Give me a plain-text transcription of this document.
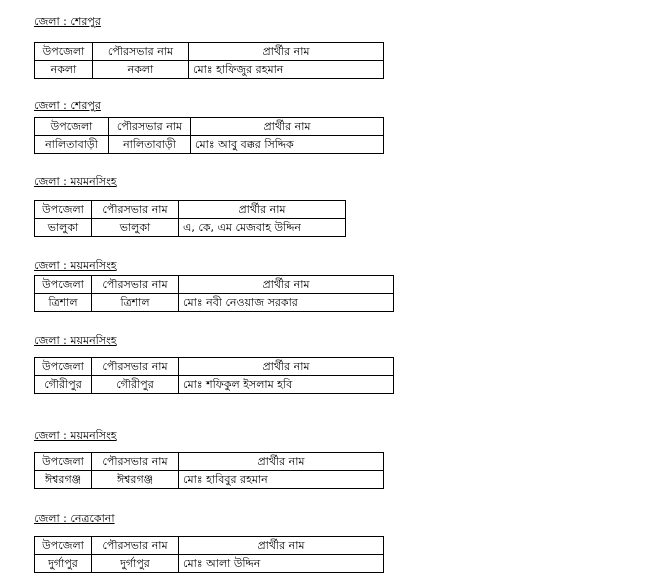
জেলা : শেরপুর
উপজেলা	পৌরসভার নাম	প্রার্থীর নাম
নকলা	নকলা	মোঃ হাফিজুর রহমান
জেলা : শেরপুর
উপজেলা	পৌরসভার নাম	প্রার্থীর নাম
নালিতাবাড়ী	নালিতাবাড়ী	মোঃ আবু বক্কর সিদ্দিক
জেলা : ময়মনসিংহ
উপজেলা	পৌরসভার নাম	প্রার্থীর নাম
ভালুকা	ভালুকা	এ, কে, এম মেজবাহ উদ্দিন
জেলা : ময়মনসিংহ
উপজেলা	পৌরসভার নাম	প্রার্থীর নাম
ত্রিশাল	ত্রিশাল	মোঃ নবী নেওয়াজ সরকার
জেলা : ময়মনসিংহ
উপজেলা	পৌরসভার নাম	প্রার্থীর নাম
গৌরীপুর	গৌরীপুর	মোঃ শফিকুল ইসলাম হবি
জেলা : ময়মনসিংহ
উপজেলা	পৌরসভার নাম	প্রার্থীর নাম
ঈশ্বরগঞ্জ	ঈশ্বরগঞ্জ	মোঃ হাবিবুর রহমান
জেলা : নেত্রকোনা
উপজেলা	পৌরসভার নাম	প্রার্থীর নাম
দুর্গাপুর	দুর্গাপুর	মোঃ আলা উদ্দিন
